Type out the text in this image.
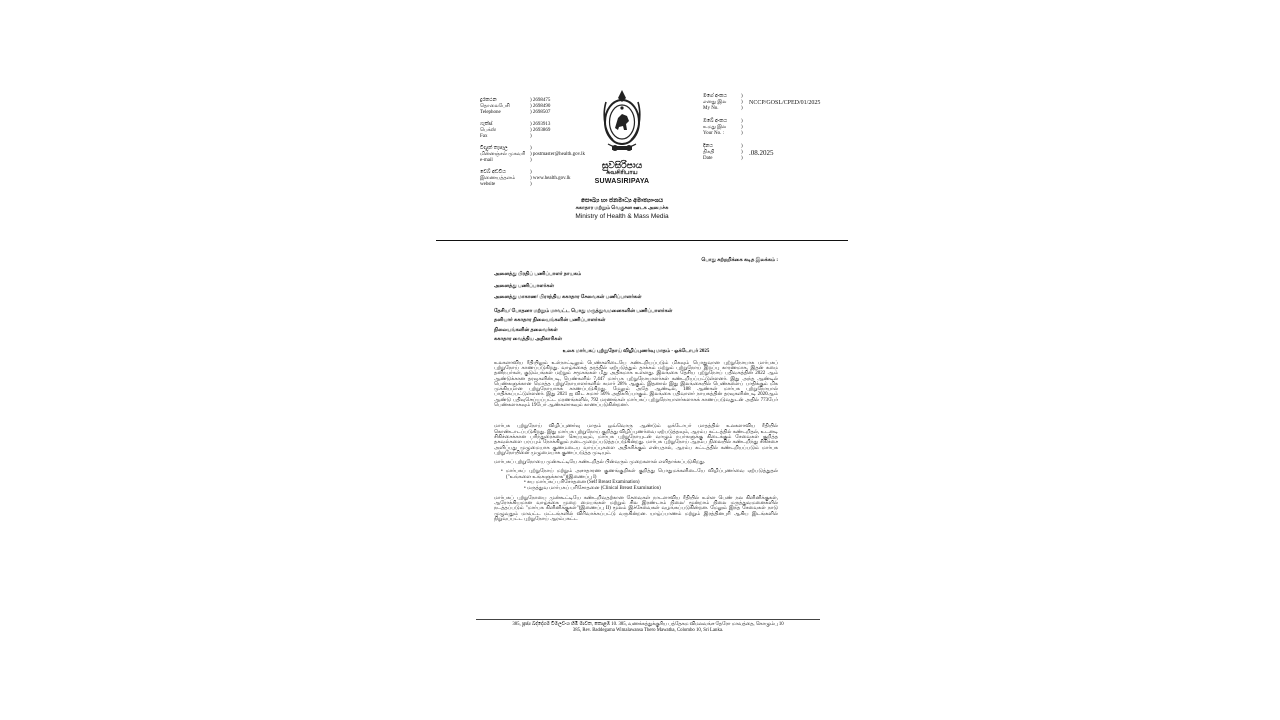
දුරකථන	) 2698475
தொலைபேசி	) 2698490
Telephone	) 2698507
ෆැක්ස්	) 2693913
பெக்ஸ்	) 2693869
Fax	)
විද්‍යුත් තැපෑල	)
மின்னஞ்சல் முகவரி ) postmaster@health.gov.lk
e-mail	)
වෙබ් අඩවිය	)
இணையத்தளம்	) www.health.gov.lk
website	)
සුවසිරිපාය
சுவசிரிபாய
SUWASIRIPAYA
සෞඛ්‍ය හා ජනමාධ්‍ය අමාත්‍යාංශය
சுகாதார மற்றும் வெகுசன ஊடக அமைச்சு
Ministry of Health & Mass Media
මගේ අංකය	)
எனது இல	)	NCCP/GOSL/CPED/01/2025
My No.	)
ඔබේ අංකය	)
உமது இல	)
Your No. :	)
දිනය	)
திகதி	) .08.2025
Date	)
பொது சுற்றறிக்கை கடித இலக்கம் :
அனைத்து பிரதிப் பணிப்பாளர் நாயகம்
அனைத்து பணிப்பாளர்கள்
அனைத்து மாகாண/ பிராந்திய சுகாதார சேவைகள் பணிப்பாளர்கள்
தேசிய/ போதனா மற்றும் மாவட்ட பொது மருத்துவமனைகளின் பணிப்பாளர்கள்
தனியார் சுகாதார நிலையங்களின் பணிப்பாளர்கள்
நிலையங்களின் தலைவர்கள்
சுகாதார வைத்திய அதிகாரிகள்
உலக மார்பகப் புற்றுநோய் விழிப்புணர்வு மாதம் - ஒக்டோபர் 2025
உலகளாவிய ரீதியிலும் உள்நாட்டிலும் பெண்களிடையே கண்டறியப்படும் மிகவும் பொதுவான புற்றுநோயாக மார்பகப் புற்றுநோய் காணப்படுகிறது. வாழ்க்கைத் தரத்தில் ஏற்படுத்தும் தாக்கம் மற்றும் புற்றுநோய் இறப்பு காரணமாக, இதன் சுமை தனிநபர்கள், குடும்பங்கள் மற்றும் சமூகங்கள் மீது அதிகமாக உள்ளது. இலங்கை தேசிய புற்றுநோய் பதிவகத்தின் 2022 ஆம் ஆண்டுக்கான தரவுகளின்படி, பெண்களில் 7,447 மார்பக புற்றுநோயாளர்கள் கண்டறியப்பட்டுள்ளனர். இது அந்த ஆண்டில் பெண்களுக்கான மொத்த புற்றுநோயாளர்களில் சுமார் 28% ஆகும். இதனால் இது இலங்கையில் பெண்களைப் பாதிக்கும் மிக முக்கியமான புற்றுநோயாகக் காணப்படுகிறது. மேலும் அதே ஆண்டில், 188 ஆண்கள் மார்பக புற்றுநோயால் பாதிக்கப்பட்டுள்ளனர். இது 2021 ஐ விட சுமார் 50% அதிகரிப்பாகும். இலங்கை பதிவாளர் நாயகத்தின் தரவுகளின்படி 2020ஆம் ஆண்டு பதிவுசெய்யப்பட்ட மரணங்களில், 792 மரணங்கள் மார்பகப் புற்றுநோயாளர்களாகக் காணப்படுவதுடன் அதில் 773பேர் பெண்களாகவும் 19பேர் ஆண்களாகவும் காணப்படுகின்றனர்.
மார்பக புற்றுநோய் விழிப்புணர்வு மாதம் ஒவ்வொரு ஆண்டும் ஒக்டோபர் மாதத்தில் உலகளாவிய ரீதியில் கொண்டாடப்படுகிறது. இது மார்பக புற்றுநோய் குறித்து விழிப்புணர்வை ஏற்படுத்தவும், ஆரம்ப கட்டத்தில் கண்டறிதல், உடனடி சிகிச்சைக்கான பரிந்துரைகளை செய்யவும், மார்பக புற்றுநோயுடன் வாழும் நபர்களுக்கு கிடைக்கும் சேவைகள் குறித்த தகவல்களை பரப்பும் நோக்கிலும் நடைமுறைப்படுத்தப்படுகின்றது. மார்பக புற்றுநோய் ஆரம்ப நிலையில் கண்டறிந்து சிகிச்சை அளிப்பது முழுமையாக குணமடைய வாய்ப்புகளை அதிகரிக்கும் என்பதால், ஆரம்ப கட்டத்தில் கண்டறியப்படும் மார்பக புற்றுநோயினை முழுமையாக குணப்படுத்த முடியும்.
மார்பகப் புற்றுநோயை முன்கூட்டியே கண்டறிதல் பின்வரும் முறைகளால் எளிதாக்கப்படுகிறது.
• மார்பகப் புற்றுநோய் மற்றும் அசாதாரண குணங்குறிகள் குறித்து பொதுமக்களிடையே விழிப்புணர்வை ஏற்படுத்துதல் ("உங்களை உங்களுக்காக")(இணைப்பு I)
• சுய மார்பகப் பரிசோதனை (Self Breast Examination)
• மருத்துவ மார்பகப் பரிசோதனை (Clinical Breast Examination)
மார்பகப் புற்றுநோயை முன்கூட்டியே கண்டறிவதற்கான சேவைகள் நாடளாவிய ரீதியில் உள்ள பெண் நல கிளினிக்குகள், ஆரோக்கியமான வாழ்க்கை முறை மையங்கள் மற்றும் சில இரண்டாம் நிலை/ மூன்றாம் நிலை மருத்துவமனைகளில் நடத்தப்படும் "மார்பக கிளினிக்குகள்"(இணைப்பு II) மூலம் இச்சேவைகள் வழங்கப்படுகின்றன. மேலும் இந்த சேவைகள் நாடு முழுவதும் மாவட்ட மட்டங்களில் விரிவாக்கப்பட்டு வருகின்றன. யாழ்ப்பாணம் மற்றும் இரத்தினபுரி ஆகிய இடங்களில் நிறுவப்பட்ட புற்றுநோய் ஆரம்பகட்ட
385, පූජ්‍ය බද්දේගම විමලවංශ හිමි මාවත, කොළඹ 10. 385, வணக்கத்துக்குரிய பத்தேகம விமலவங்ச தேரோ மாவத்தை, கொழும்பு 10
385, Rev. Baddegama Wimalawansa Thero Mawatha, Colombo 10, Sri Lanka.
